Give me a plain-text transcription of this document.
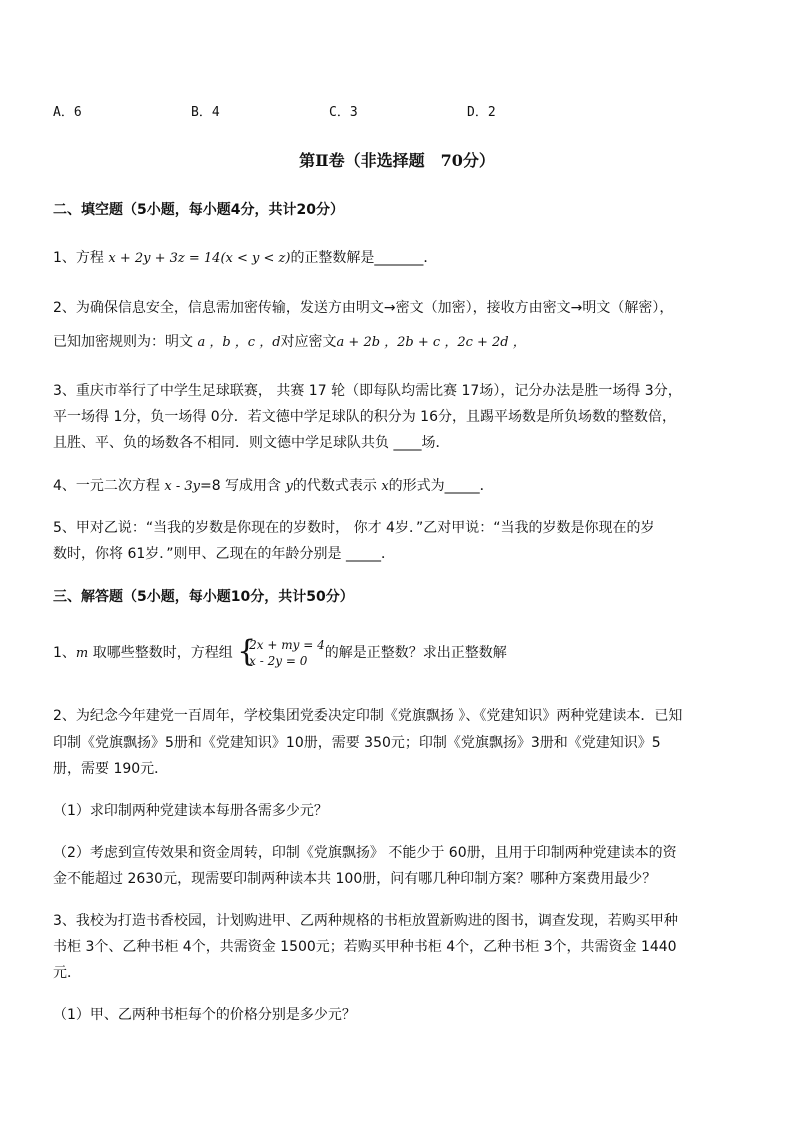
A．6	B．4	C．3	D．2
第Ⅱ卷（非选择题　70分）
二、填空题（5小题，每小题4分，共计20分）
1、方程 x + 2y + 3z = 14(x < y < z)的正整数解是_______．
2、为确保信息安全，信息需加密传输，发送方由明文→密文（加密），接收方由密文→明文（解密），
已知加密规则为：明文 a ，b ，c ，d对应密文a + 2b ，2b + c ，2c + 2d ，
3、重庆市举行了中学生足球联赛， 共赛 17 轮（即每队均需比赛 17场），记分办法是胜一场得 3分，
平一场得 1分，负一场得 0分．若文德中学足球队的积分为 16分，且踢平场数是所负场数的整数倍，
且胜、平、负的场数各不相同．则文德中学足球队共负 ____场．
4、一元二次方程 x - 3y=8 写成用含 y的代数式表示 x的形式为_____．
5、甲对乙说：“当我的岁数是你现在的岁数时， 你才 4岁．”乙对甲说：“当我的岁数是你现在的岁
数时，你将 61岁．”则甲、乙现在的年龄分别是 _____．
三、解答题（5小题，每小题10分，共计50分）
1、m 取哪些整数时，方程组 {
2x + my = 4
x - 2y = 0	的解是正整数？求出正整数解
2、为纪念今年建党一百周年，学校集团党委决定印制《党旗飘扬 》、《党建知识》两种党建读本．已知
印制《党旗飘扬》5册和《党建知识》10册，需要 350元；印制《党旗飘扬》3册和《党建知识》5
册，需要 190元．
（1）求印制两种党建读本每册各需多少元？
（2）考虑到宣传效果和资金周转，印制《党旗飘扬》 不能少于 60册，且用于印制两种党建读本的资
金不能超过 2630元，现需要印制两种读本共 100册，问有哪几种印制方案？哪种方案费用最少？
3、我校为打造书香校园，计划购进甲、乙两种规格的书柜放置新购进的图书，调查发现，若购买甲种
书柜 3个、乙种书柜 4个，共需资金 1500元；若购买甲种书柜 4个，乙种书柜 3个，共需资金 1440
元．
（1）甲、乙两种书柜每个的价格分别是多少元？
